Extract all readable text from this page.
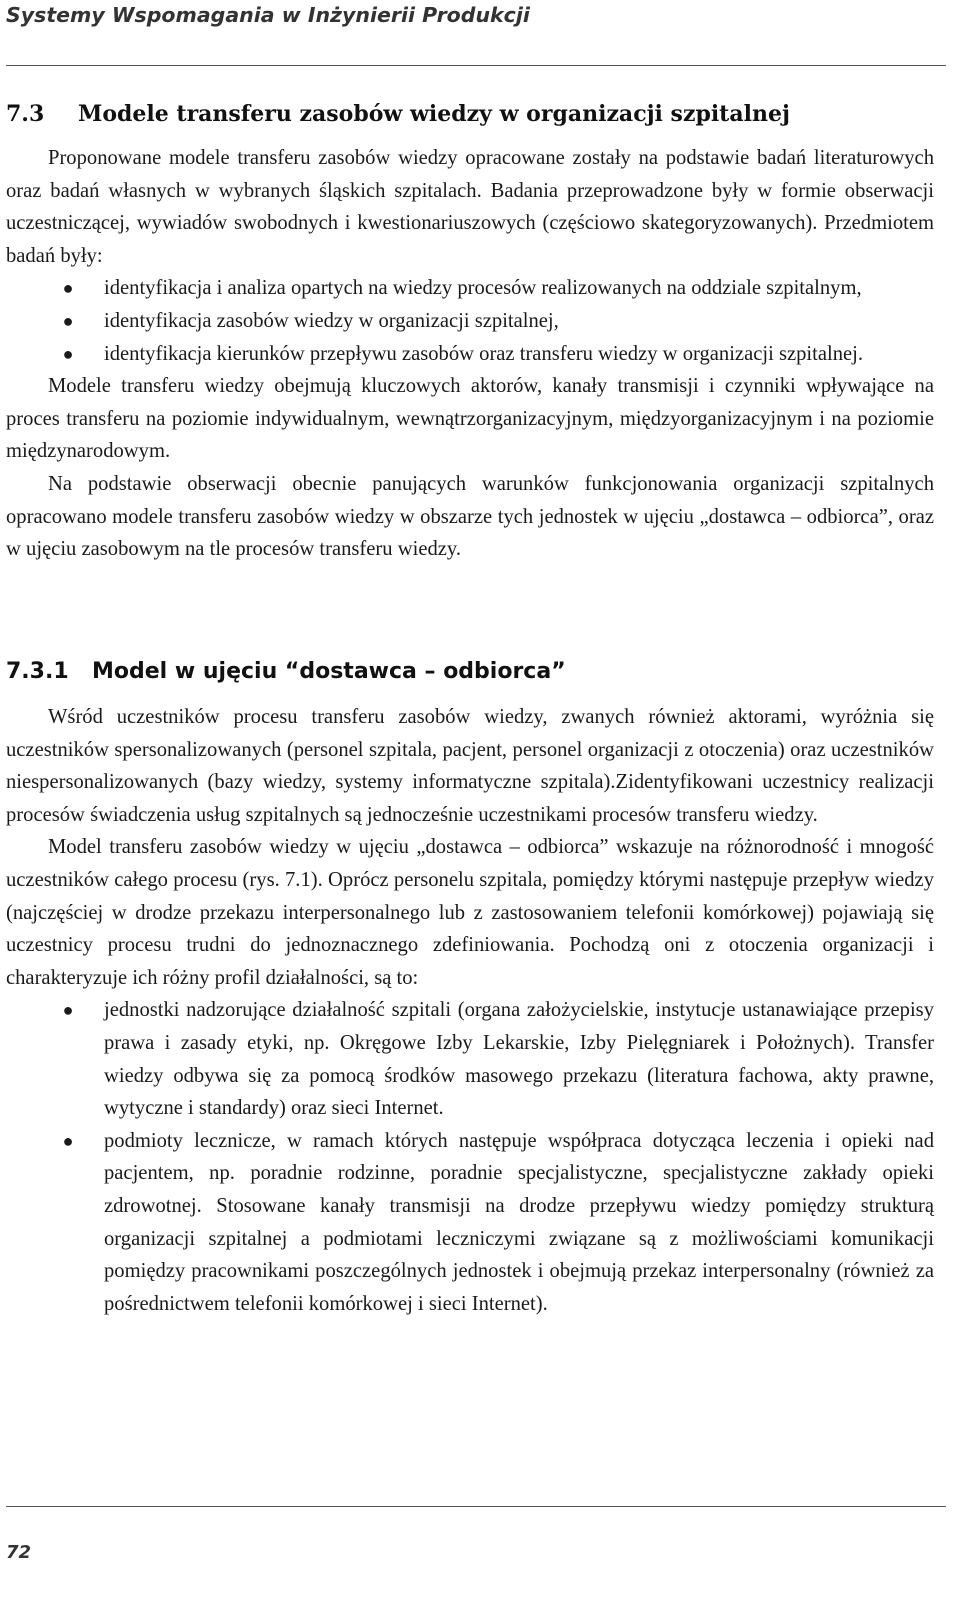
Systemy Wspomagania w Inżynierii Produkcji
7.3 Modele transferu zasobów wiedzy w organizacji szpitalnej

Proponowane modele transferu zasobów wiedzy opracowane zostały na podstawie badań literaturowych oraz badań własnych w wybranych śląskich szpitalach. Badania przeprowadzone były w formie obserwacji uczestniczącej, wywiadów swobodnych i kwestionariuszowych (częściowo skategoryzowanych). Przedmiotem badań były:

● identyfikacja i analiza opartych na wiedzy procesów realizowanych na oddziale szpitalnym,
● identyfikacja zasobów wiedzy w organizacji szpitalnej,
● identyfikacja kierunków przepływu zasobów oraz transferu wiedzy w organizacji szpitalnej.

Modele transferu wiedzy obejmują kluczowych aktorów, kanały transmisji i czynniki wpływające na proces transferu na poziomie indywidualnym, wewnątrzorganizacyjnym, międzyorganizacyjnym i na poziomie międzynarodowym.

Na podstawie obserwacji obecnie panujących warunków funkcjonowania organizacji szpitalnych opracowano modele transferu zasobów wiedzy w obszarze tych jednostek w ujęciu „dostawca – odbiorca”, oraz w ujęciu zasobowym na tle procesów transferu wiedzy.

7.3.1 Model w ujęciu “dostawca – odbiorca”

Wśród uczestników procesu transferu zasobów wiedzy, zwanych również aktorami, wyróżnia się uczestników spersonalizowanych (personel szpitala, pacjent, personel organizacji z otoczenia) oraz uczestników niespersonalizowanych (bazy wiedzy, systemy informatyczne szpitala).Zidentyfikowani uczestnicy realizacji procesów świadczenia usług szpitalnych są jednocześnie uczestnikami procesów transferu wiedzy.

Model transferu zasobów wiedzy w ujęciu „dostawca – odbiorca” wskazuje na różnorodność i mnogość uczestników całego procesu (rys. 7.1). Oprócz personelu szpitala, pomiędzy którymi następuje przepływ wiedzy (najczęściej w drodze przekazu interpersonalnego lub z zastosowaniem telefonii komórkowej) pojawiają się uczestnicy procesu trudni do jednoznacznego zdefiniowania. Pochodzą oni z otoczenia organizacji i charakteryzuje ich różny profil działalności, są to:

● jednostki nadzorujące działalność szpitali (organa założycielskie, instytucje ustanawiające przepisy prawa i zasady etyki, np. Okręgowe Izby Lekarskie, Izby Pielęgniarek i Położnych). Transfer wiedzy odbywa się za pomocą środków masowego przekazu (literatura fachowa, akty prawne, wytyczne i standardy) oraz sieci Internet.
● podmioty lecznicze, w ramach których następuje współpraca dotycząca leczenia i opieki nad pacjentem, np. poradnie rodzinne, poradnie specjalistyczne, specjalistyczne zakłady opieki zdrowotnej. Stosowane kanały transmisji na drodze przepływu wiedzy pomiędzy strukturą organizacji szpitalnej a podmiotami leczniczymi związane są z możliwościami komunikacji pomiędzy pracownikami poszczególnych jednostek i obejmują przekaz interpersonalny (również za pośrednictwem telefonii komórkowej i sieci Internet).
72
